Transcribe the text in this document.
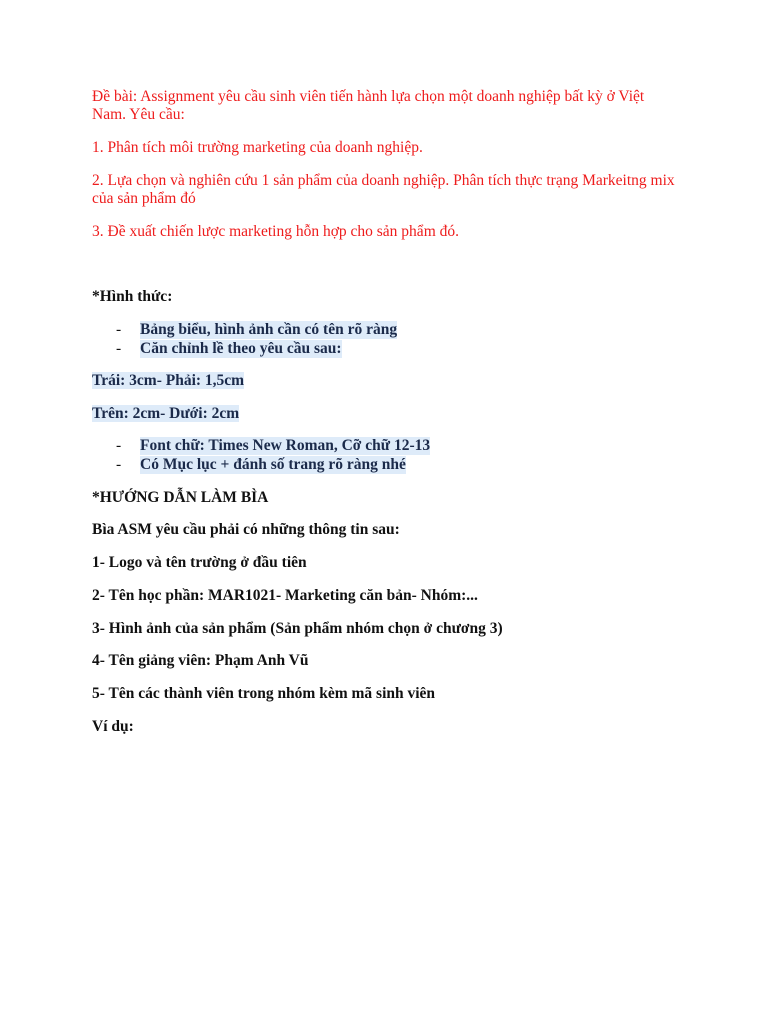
Đề bài: Assignment yêu cầu sinh viên tiến hành lựa chọn một doanh nghiệp bất kỳ ở Việt Nam. Yêu cầu:

1. Phân tích môi trường marketing của doanh nghiệp.

2. Lựa chọn và nghiên cứu 1 sản phẩm của doanh nghiệp. Phân tích thực trạng Markeitng mix của sản phẩm đó

3. Đề xuất chiến lược marketing hỗn hợp cho sản phẩm đó.

*Hình thức:

- Bảng biểu, hình ảnh cần có tên rõ ràng
- Căn chỉnh lề theo yêu cầu sau:

Trái: 3cm- Phải: 1,5cm

Trên: 2cm- Dưới: 2cm

- Font chữ: Times New Roman, Cỡ chữ 12-13
- Có Mục lục + đánh số trang rõ ràng nhé

*HƯỚNG DẪN LÀM BÌA

Bìa ASM yêu cầu phải có những thông tin sau:

1- Logo và tên trường ở đầu tiên

2- Tên học phần: MAR1021- Marketing căn bản- Nhóm:...

3- Hình ảnh của sản phẩm (Sản phẩm nhóm chọn ở chương 3)

4- Tên giảng viên: Phạm Anh Vũ

5- Tên các thành viên trong nhóm kèm mã sinh viên

Ví dụ:
